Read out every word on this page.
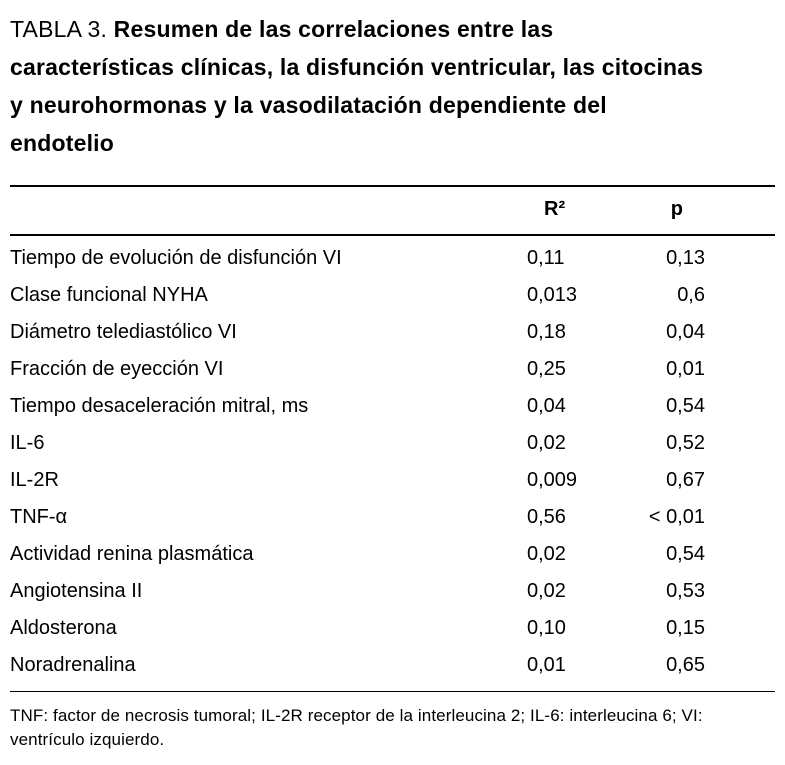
TABLA 3. Resumen de las correlaciones entre las características clínicas, la disfunción ventricular, las citocinas y neurohormonas y la vasodilatación dependiente del endotelio
	R²	p
Tiempo de evolución de disfunción VI	0,11	0,13
Clase funcional NYHA	0,013	0,6
Diámetro telediastólico VI	0,18	0,04
Fracción de eyección VI	0,25	0,01
Tiempo desaceleración mitral, ms	0,04	0,54
IL-6	0,02	0,52
IL-2R	0,009	0,67
TNF-α	0,56	< 0,01
Actividad renina plasmática	0,02	0,54
Angiotensina II	0,02	0,53
Aldosterona	0,10	0,15
Noradrenalina	0,01	0,65
TNF: factor de necrosis tumoral; IL-2R receptor de la interleucina 2; IL-6: interleucina 6; VI: ventrículo izquierdo.
